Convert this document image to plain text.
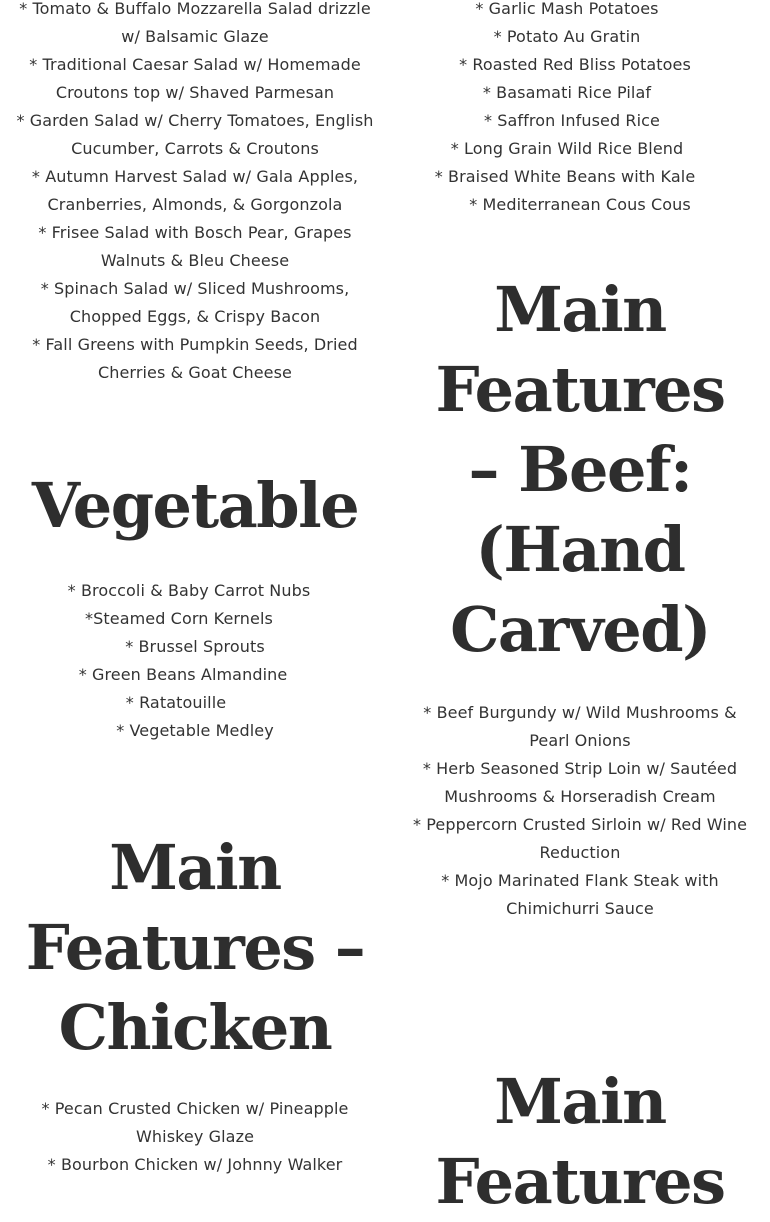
* Tomato & Buffalo Mozzarella Salad drizzle
w/ Balsamic Glaze
* Traditional Caesar Salad w/ Homemade
Croutons top w/ Shaved Parmesan
* Garden Salad w/ Cherry Tomatoes, English
Cucumber, Carrots & Croutons
* Autumn Harvest Salad w/ Gala Apples,
Cranberries, Almonds, & Gorgonzola
* Frisee Salad with Bosch Pear, Grapes
Walnuts & Bleu Cheese
* Spinach Salad w/ Sliced Mushrooms,
Chopped Eggs, & Crispy Bacon
* Fall Greens with Pumpkin Seeds, Dried
Cherries & Goat Cheese
Vegetable
* Broccoli & Baby Carrot Nubs
*Steamed Corn Kernels
* Brussel Sprouts
* Green Beans Almandine
* Ratatouille
* Vegetable Medley
Main
Features –
Chicken
* Pecan Crusted Chicken w/ Pineapple
Whiskey Glaze
* Bourbon Chicken w/ Johnny Walker
* Garlic Mash Potatoes
* Potato Au Gratin
* Roasted Red Bliss Potatoes
* Basamati Rice Pilaf
* Saffron Infused Rice
* Long Grain Wild Rice Blend
* Braised White Beans with Kale
* Mediterranean Cous Cous
Main
Features
– Beef:
(Hand
Carved)
* Beef Burgundy w/ Wild Mushrooms &
Pearl Onions
* Herb Seasoned Strip Loin w/ Sautéed
Mushrooms & Horseradish Cream
* Peppercorn Crusted Sirloin w/ Red Wine
Reduction
* Mojo Marinated Flank Steak with
Chimichurri Sauce
Main
Features
